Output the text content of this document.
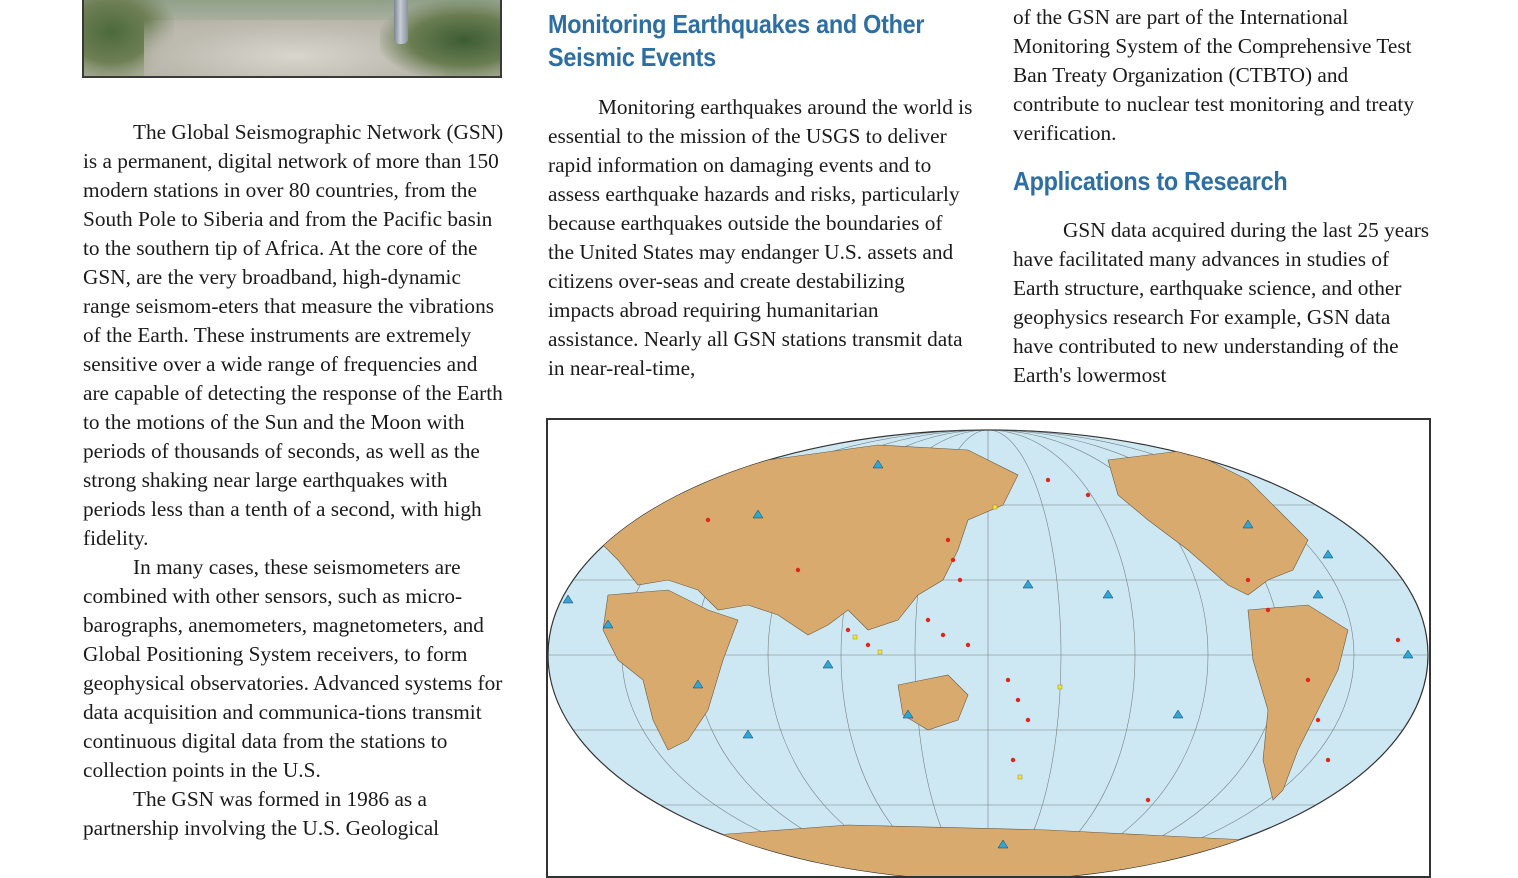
The Global Seismographic Network (GSN) is a permanent, digital network of more than 150 modern stations in over 80 countries, from the South Pole to Siberia and from the Pacific basin to the southern tip of Africa. At the core of the GSN, are the very broadband, high-dynamic range seismom-eters that measure the vibrations of the Earth. These instruments are extremely sensitive over a wide range of frequencies and are capable of detecting the response of the Earth to the motions of the Sun and the Moon with periods of thousands of seconds, as well as the strong shaking near large earthquakes with periods less than a tenth of a second, with high fidelity.

In many cases, these seismometers are combined with other sensors, such as micro-barographs, anemometers, magnetometers, and Global Positioning System receivers, to form geophysical observatories. Advanced systems for data acquisition and communica-tions transmit continuous digital data from the stations to collection points in the U.S.

The GSN was formed in 1986 as a partnership involving the U.S. Geological

Monitoring Earthquakes and Other Seismic Events

Monitoring earthquakes around the world is essential to the mission of the USGS to deliver rapid information on damaging events and to assess earthquake hazards and risks, particularly because earthquakes outside the boundaries of the United States may endanger U.S. assets and citizens over-seas and create destabilizing impacts abroad requiring humanitarian assistance. Nearly all GSN stations transmit data in near-real-time,

of the GSN are part of the International Monitoring System of the Comprehensive Test Ban Treaty Organization (CTBTO) and contribute to nuclear test monitoring and treaty verification.

Applications to Research

GSN data acquired during the last 25 years have facilitated many advances in studies of Earth structure, earthquake science, and other geophysics research For example, GSN data have contributed to new understanding of the Earth's lowermost
